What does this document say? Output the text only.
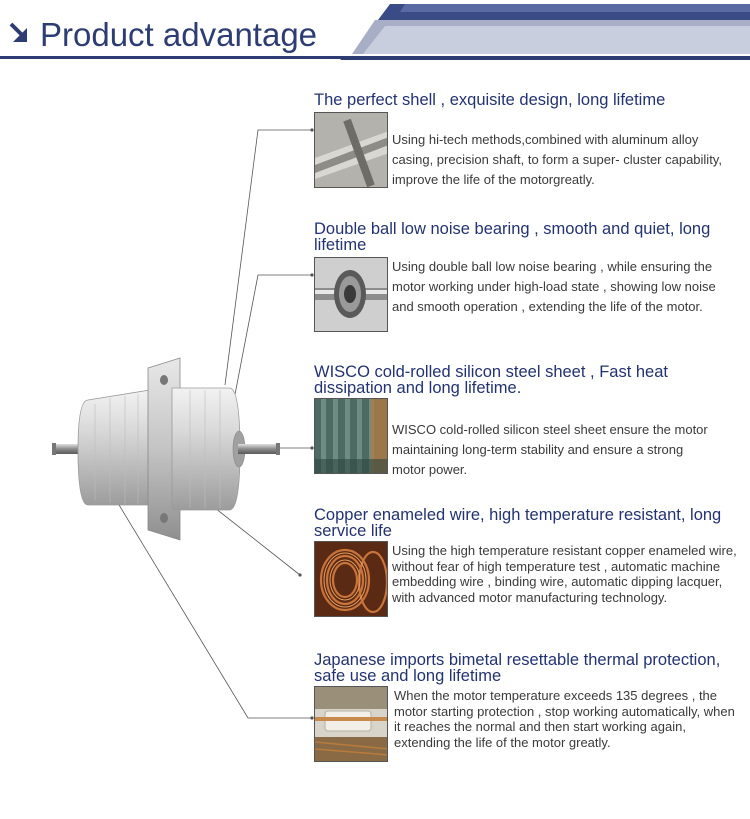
Product advantage
The perfect shell , exquisite design, long lifetime
Using hi-tech methods,combined with aluminum alloy casing, precision shaft, to form a super- cluster capability, improve the life of the motorgreatly.
Double ball low noise bearing , smooth and quiet, long lifetime
Using double ball low noise bearing , while ensuring the motor working under high-load state , showing low noise and smooth operation , extending the life of the motor.
WISCO cold-rolled silicon steel sheet , Fast heat dissipation and long lifetime.
WISCO cold-rolled silicon steel sheet ensure the motor maintaining long-term stability and ensure a strong motor power.
Copper enameled wire, high temperature resistant, long service life
Using the high temperature resistant copper enameled wire, without fear of high temperature test , automatic machine embedding wire , binding wire, automatic dipping lacquer, with advanced motor manufacturing technology.
Japanese imports bimetal resettable thermal protection, safe use and long lifetime
When the motor temperature exceeds 135 degrees , the motor starting protection , stop working automatically, when it reaches the normal and then start working again, extending the life of the motor greatly.
